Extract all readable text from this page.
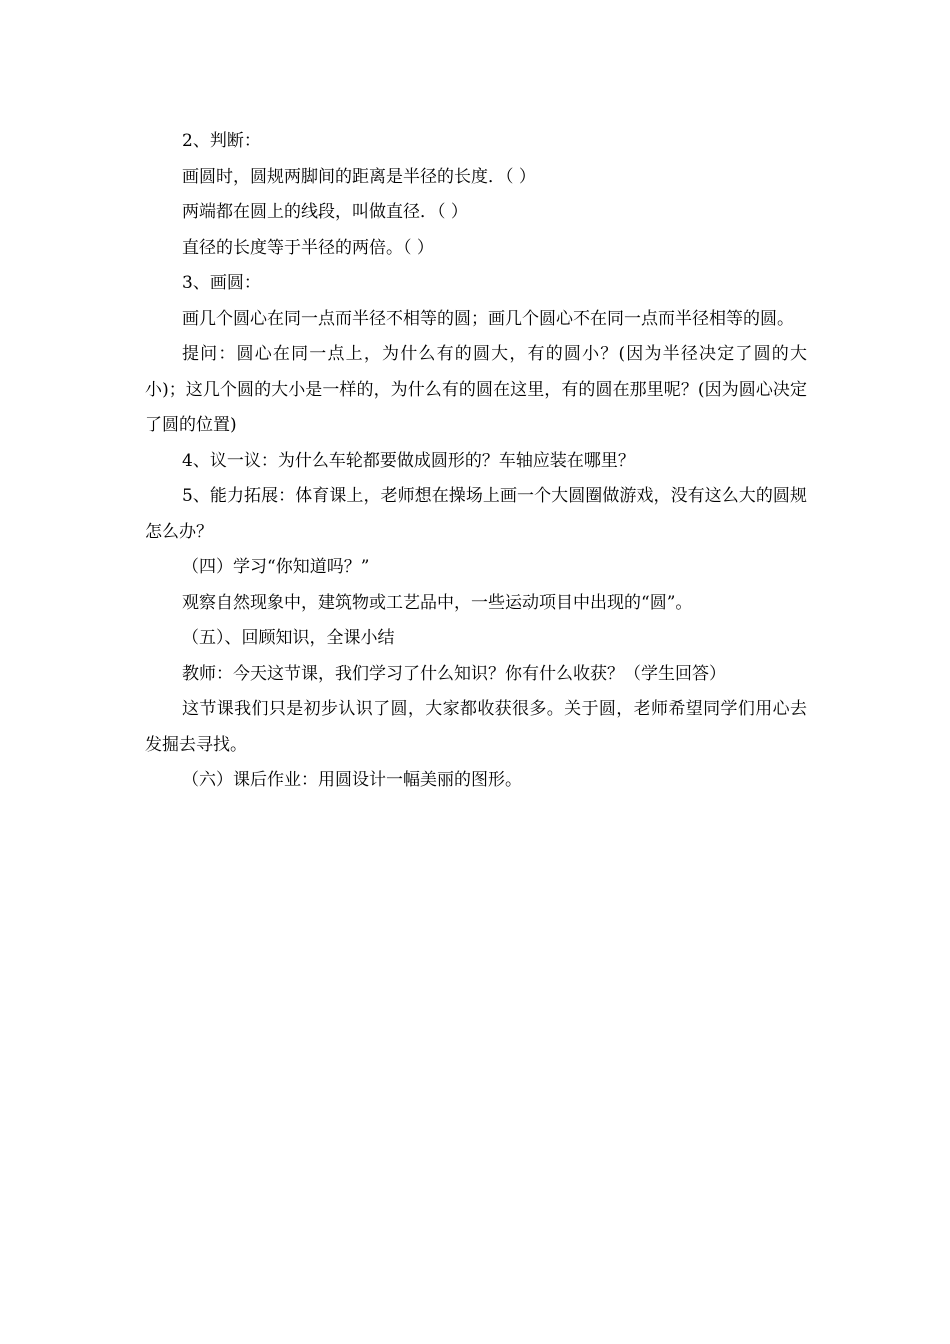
2、判断：

画圆时，圆规两脚间的距离是半径的长度．（ ）

两端都在圆上的线段，叫做直径．（ ）

直径的长度等于半径的两倍。（ ）

3、画圆：

画几个圆心在同一点而半径不相等的圆；画几个圆心不在同一点而半径相等的圆。

提问：圆心在同一点上，为什么有的圆大，有的圆小？(因为半径决定了圆的大小)；这几个圆的大小是一样的，为什么有的圆在这里，有的圆在那里呢？(因为圆心决定了圆的位置)

4、议一议：为什么车轮都要做成圆形的？车轴应装在哪里？

5、能力拓展：体育课上，老师想在操场上画一个大圆圈做游戏，没有这么大的圆规怎么办？

（四）学习“你知道吗？”

观察自然现象中，建筑物或工艺品中，一些运动项目中出现的“圆”。

（五）、回顾知识，全课小结

教师：今天这节课，我们学习了什么知识？你有什么收获？（学生回答）

这节课我们只是初步认识了圆，大家都收获很多。关于圆，老师希望同学们用心去发掘去寻找。

（六）课后作业：用圆设计一幅美丽的图形。
